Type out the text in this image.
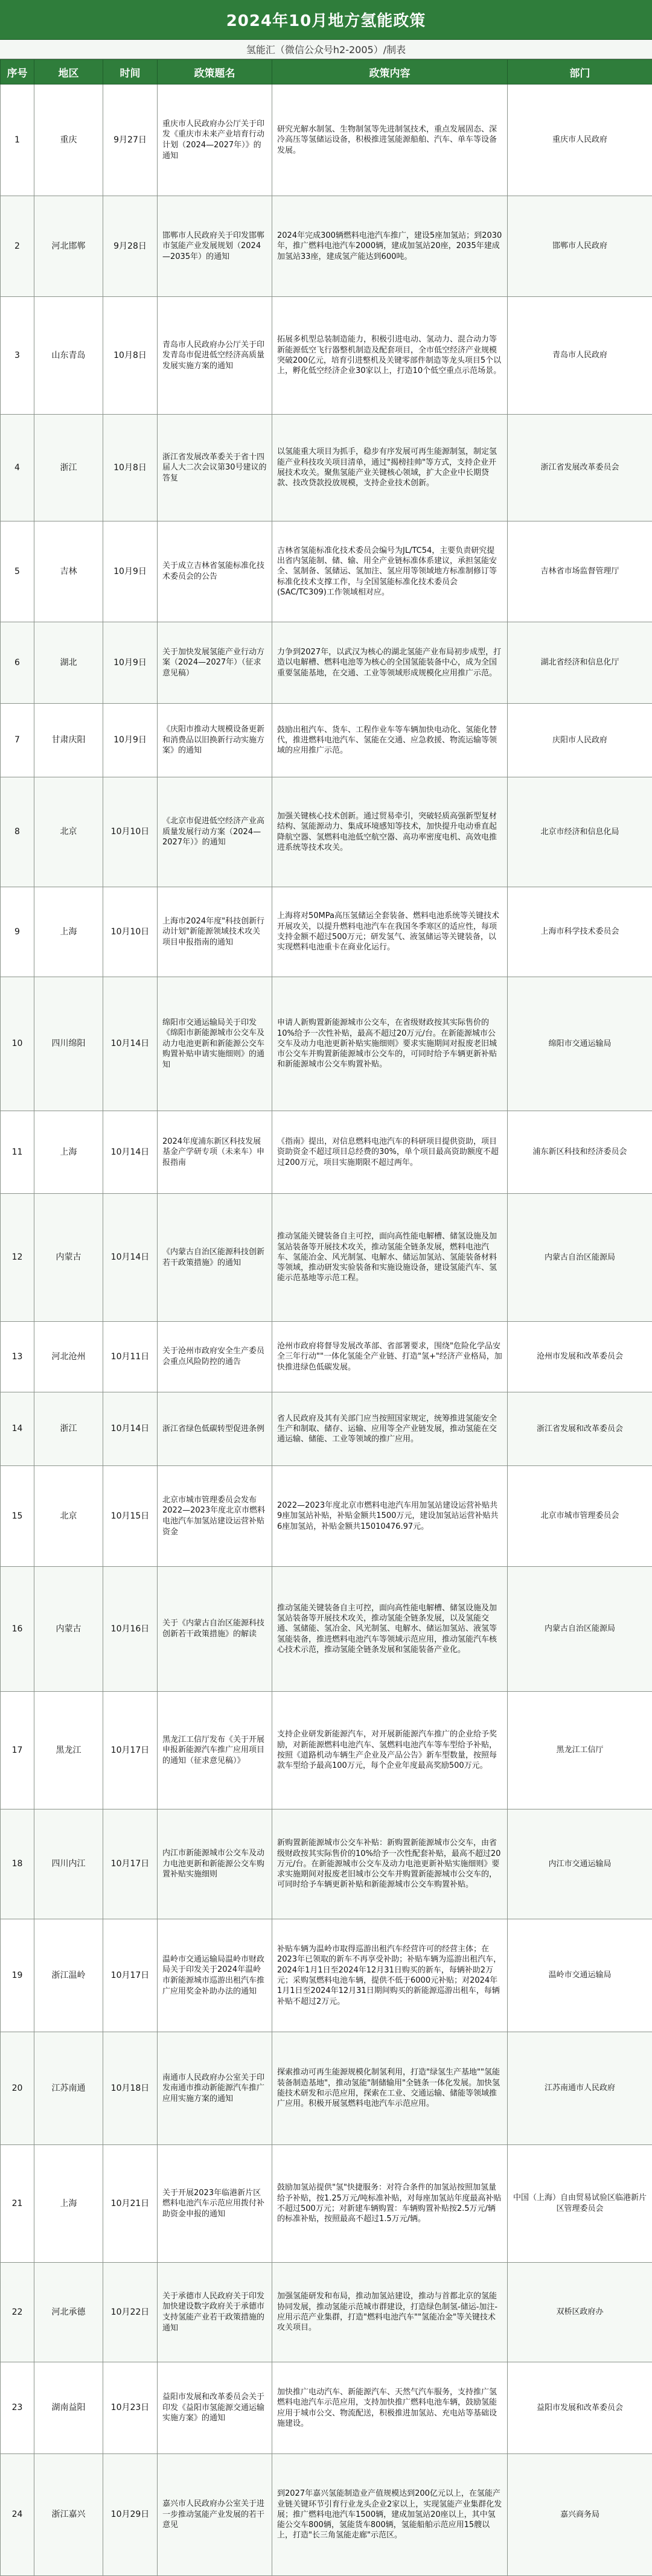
2024年10月地方氢能政策
氢能汇（微信公众号h2-2005）/制表
序号	地区	时间	政策题名	政策内容	部门
1	重庆	9月27日	重庆市人民政府办公厅关于印发《重庆市未来产业培育行动计划（2024—2027年）》的通知	研究光解水制氢、生物制氢等先进制氢技术，重点发展固态、深冷高压等氢储运设备，积极推进氢能源船舶、汽车、单车等设备发展。	重庆市人民政府
2	河北邯郸	9月28日	邯郸市人民政府关于印发邯郸市氢能产业发展规划（2024—2035年）的通知	2024年完成300辆燃料电池汽车推广，建设5座加氢站；到2030年，推广燃料电池汽车2000辆，建成加氢站20座，2035年建成加氢站33座，建成氢产能达到600吨。	邯郸市人民政府
3	山东青岛	10月8日	青岛市人民政府办公厅关于印发青岛市促进低空经济高质量发展实施方案的通知	拓展多机型总装制造能力，积极引进电动、氢动力、混合动力等新能源低空飞行器整机制造及配套项目，全市低空经济产业规模突破200亿元，培育引进整机及关键零部件制造等龙头项目5个以上，孵化低空经济企业30家以上，打造10个低空重点示范场景。	青岛市人民政府
4	浙江	10月8日	浙江省发展改革委关于省十四届人大二次会议第30号建议的答复	以氢能重大项目为抓手，稳步有序发展可再生能源制氢，制定氢能产业科技攻关项目清单，通过"揭榜挂帅"等方式，支持企业开展技术攻关。聚焦氢能产业关键核心领域，扩大企业中长期贷款、技改贷款投放规模，支持企业技术创新。	浙江省发展改革委员会
5	吉林	10月9日	关于成立吉林省氢能标准化技术委员会的公告	吉林省氢能标准化技术委员会编号为JL/TC54，主要负责研究提出省内氢能制、储、输、用全产业链标准体系建议，承担氢能安全、氢制备、氢储运、氢加注、氢应用等领域地方标准制修订等标准化技术支撑工作，与全国氢能标准化技术委员会(SAC/TC309)工作领域相对应。	吉林省市场监督管理厅
6	湖北	10月9日	关于加快发展氢能产业行动方案（2024—2027年）（征求意见稿）	力争到2027年，以武汉为核心的湖北氢能产业布局初步成型，打造以电解槽、燃料电池等为核心的全国氢能装备中心，成为全国重要氢能基地，在交通、工业等领域形成规模化应用推广示范。	湖北省经济和信息化厅
7	甘肃庆阳	10月9日	《庆阳市推动大规模设备更新和消费品以旧换新行动实施方案》的通知	鼓励出租汽车、货车、工程作业车等车辆加快电动化、氢能化替代，推进燃料电池汽车、氢能在交通、应急救援、物流运输等领域的应用推广示范。	庆阳市人民政府
8	北京	10月10日	《北京市促进低空经济产业高质量发展行动方案（2024—2027年）》的通知	加强关键核心技术创新。通过贸易牵引，突破轻质高强新型复材结构、氢能源动力、集成环境感知等技术，加快提升电动垂直起降航空器、氢燃料电池低空航空器、高功率密度电机、高效电推进系统等技术攻关。	北京市经济和信息化局
9	上海	10月10日	上海市2024年度"科技创新行动计划"新能源领域技术攻关项目申报指南的通知	上海将对50MPa高压氢储运全套装备、燃料电池系统等关键技术开展攻关，以提升燃料电池汽车在我国冬季寒区的适应性，每项支持金额不超过500万元；研发氢气、液氢储运等关键装备，以实现燃料电池重卡在商业化运行。	上海市科学技术委员会
10	四川绵阳	10月14日	绵阳市交通运输局关于印发《绵阳市新能源城市公交车及动力电池更新和新能源公交车购置补贴申请实施细则》的通知	申请人新购置新能源城市公交车，在省级财政按其实际售价的10%给予一次性补贴，最高不超过20万元/台。在新能源城市公交车及动力电池更新补贴实施细则》要求实施期间对报废老旧城市公交车并购置新能源城市公交车的，可同时给予车辆更新补贴和新能源城市公交车购置补贴。	绵阳市交通运输局
11	上海	10月14日	2024年度浦东新区科技发展基金产学研专项（未来车）申报指南	《指南》提出，对信息燃料电池汽车的科研项目提供资助，项目资助资金不超过项目总经费的30%，单个项目最高资助额度不超过200万元，项目实施期限不超过两年。	浦东新区科技和经济委员会
12	内蒙古	10月14日	《内蒙古自治区能源科技创新若干政策措施》的通知	推动氢能关键装备自主可控，面向高性能电解槽、储氢设施及加氢站装备等开展技术攻关，推动氢能全链条发展，燃料电池汽车、氢能冶金、风光制氢、电解水、储运加氢站、氢能装备材料等领域，推动研发实验装备和实施设施设备，建设氢能汽车、氢能示范基地等示范工程。	内蒙古自治区能源局
13	河北沧州	10月11日	关于沧州市政府安全生产委员会重点风险防控的通告	沧州市政府将督导发展改革部、省部署要求，围绕"危险化学品安全三年行动""一体化氢能全产业链、打造"氢+"经济产业格局，加快推进绿色低碳发展。	沧州市发展和改革委员会
14	浙江	10月14日	浙江省绿色低碳转型促进条例	省人民政府及其有关部门应当按照国家规定，统筹推进氢能安全生产和制取、储存、运输、应用等全产业链发展，推动氢能在交通运输、储能、工业等领域的推广应用。	浙江省发展和改革委员会
15	北京	10月15日	北京市城市管理委员会发布2022—2023年度北京市燃料电池汽车加氢站建设运营补贴资金	2022—2023年度北京市燃料电池汽车用加氢站建设运营补贴共9座加氢站补贴，补贴金额共1500万元，建设加氢站运营补贴共6座加氢站，补贴金额共15010476.97元。	北京市城市管理委员会
16	内蒙古	10月16日	关于《内蒙古自治区能源科技创新若干政策措施》的解读	推动氢能关键装备自主可控，面向高性能电解槽、储氢设施及加氢站装备等开展技术攻关，推动氢能全链条发展，以及氢能交通、氢储能、氢冶金、风光制氢、电解水、储运加氢站、液氢等氢能装备，推进燃料电池汽车等领域示范应用，推动氢能汽车核心技术示范，推动氢能全链条发展和氢能装备产业化。	内蒙古自治区能源局
17	黑龙江	10月17日	黑龙江工信厅发布《关于开展申报新能源汽车推广应用项目的通知（征求意见稿）》	支持企业研发新能源汽车，对开展新能源汽车推广的企业给予奖励，对新能源燃料电池汽车、氢燃料电池汽车等车型给予补贴，按照《道路机动车辆生产企业及产品公告》新车型数量，按照每款车型给予最高100万元，每个企业年度最高奖励500万元。	黑龙江工信厅
18	四川内江	10月17日	内江市新能源城市公交车及动力电池更新和新能源公交车购置补贴实施细则	新购置新能源城市公交车补贴：新购置新能源城市公交车，由省级财政按其实际售价的10%给予一次性配套补贴，最高不超过20万元/台。在新能源城市公交车及动力电池更新补贴实施细则》要求实施期间对报废老旧城市公交车并购置新能源城市公交车的，可同时给予车辆更新补贴和新能源城市公交车购置补贴。	内江市交通运输局
19	浙江温岭	10月17日	温岭市交通运输局温岭市财政局关于印发关于2024年温岭市新能源城市巡游出租汽车推广应用奖金补助办法的通知	补贴车辆为温岭市取得巡游出租汽车经营许可的经营主体；在2023年已领取的新车不再享受补助；补贴车辆为巡游出租汽车，2024年1月1日至2024年12月31日购买的新车，每辆补助2万元；采购氢燃料电池车辆，提供不低于6000元补贴；对2024年1月1日至2024年12月31日期间购买的新能源巡游出租车，每辆补贴不超过2万元。	温岭市交通运输局
20	江苏南通	10月18日	南通市人民政府办公室关于印发南通市推动新能源汽车推广应用实施方案的通知	探索推动可再生能源规模化制氢利用，打造"绿氢生产基地""氢能装备制造基地"，推动氢能"制储输用"全链条一体化发展。加快氢能技术研发和示范应用，探索在工业、交通运输、储能等领域推广应用。积极开展氢燃料电池汽车示范应用。	江苏南通市人民政府
21	上海	10月21日	关于开展2023年临港新片区燃料电池汽车示范应用拨付补助资金申报的通知	鼓励加氢站提供"氢"快捷服务：对符合条件的加氢站按照加氢量给予补贴，按1.25万元/吨标准补贴，对每座加氢站年度最高补贴不超过500万元；对新建车辆购置：车辆购置补贴按2.5万元/辆的标准补贴，按照最高不超过1.5万元/辆。	中国（上海）自由贸易试验区临港新片区管理委员会
22	河北承德	10月22日	关于承德市人民政府关于印发加快建设数字政府关于承德市支持氢能产业若干政策措施的通知	加强氢能研发和布局，推动加氢站建设，推动与首都北京的氢能协同发展，推动氢能示范城市群建设，打造绿色制氢-储运-加注-应用示范产业集群，打造"燃料电池汽车""氢能冶金"等关键技术攻关项目。	双桥区政府办
23	湖南益阳	10月23日	益阳市发展和改革委员会关于印发《益阳市氢能源交通运输实施方案》的通知	加快推广电动汽车、新能源汽车、天然气汽车服务，支持推广氢燃料电池汽车示范应用，支持加快推广燃料电池车辆，鼓励氢能应用于城市公交、物流配送，积极推进加氢站、充电站等基础设施建设。	益阳市发展和改革委员会
24	浙江嘉兴	10月29日	嘉兴市人民政府办公室关于进一步推动氢能产业发展的若干意见	到2027年嘉兴氢能制造业产值规模达到200亿元以上，在氢能产业链关键环节引育行业龙头企业2家以上，实现氢能产业集群化发展；推广燃料电池汽车1500辆，建成加氢站20座以上，其中氢能公交车800辆，氢能货车800辆，氢能船舶示范应用15艘以上，打造"长三角氢能走廊"示范区。	嘉兴商务局
